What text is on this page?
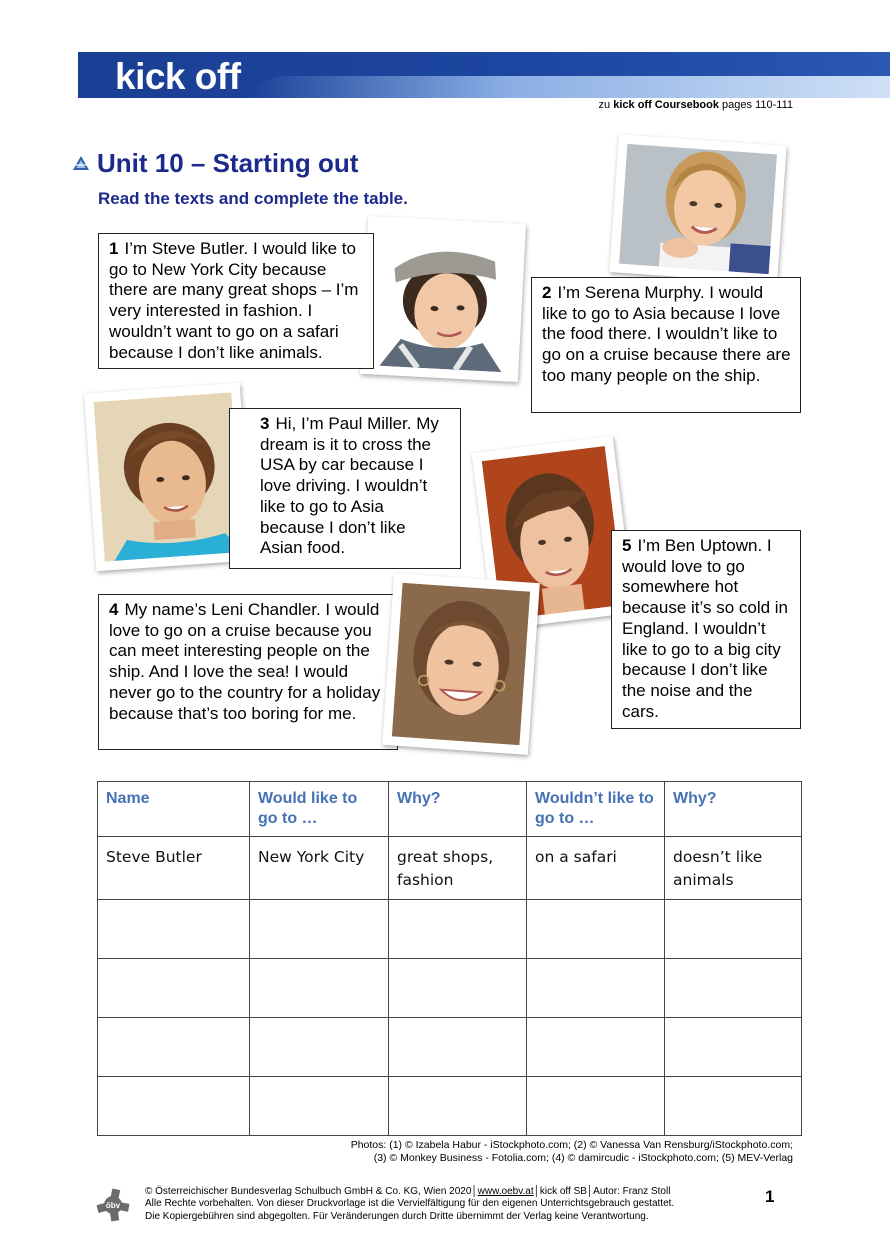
kick off
zu kick off Coursebook pages 110-111
Unit 10 – Starting out
Read the texts and complete the table.
1 I’m Steve Butler. I would like to go to New York City because there are many great shops – I’m very interested in fashion. I wouldn’t want to go on a safari because I don’t like animals.
2 I’m Serena Murphy. I would like to go to Asia because I love the food there. I wouldn’t like to go on a cruise because there are too many people on the ship.
3 Hi, I’m Paul Miller. My dream is it to cross the USA by car because I love driving. I wouldn’t like to go to Asia because I don’t like Asian food.	5 I’m Ben Uptown. I would love to go somewhere hot because it’s so cold in England. I wouldn’t like to go to a big city because I don’t like the noise and the cars.
4 My name’s Leni Chandler. I would love to go on a cruise because you can meet interesting people on the ship. And I love the sea! I would never go to the country for a holiday because that’s too boring for me.
Name	Would like to go to …	Why?	Wouldn’t like to go to …	Why?
Steve Butler	New York City	great shops, fashion	on a safari	doesn’t like animals

Photos: (1) © Izabela Habur - iStockphoto.com; (2) © Vanessa Van Rensburg/iStockphoto.com;
(3) © Monkey Business - Fotolia.com; (4) © damircudic - iStockphoto.com; (5) MEV-Verlag
öbv
© Österreichischer Bundesverlag Schulbuch GmbH & Co. KG, Wien 2020│www.oebv.at│kick off SB│Autor: Franz Stoll
Alle Rechte vorbehalten. Von dieser Druckvorlage ist die Vervielfältigung für den eigenen Unterrichtsgebrauch gestattet.
Die Kopiergebühren sind abgegolten. Für Veränderungen durch Dritte übernimmt der Verlag keine Verantwortung.
1
